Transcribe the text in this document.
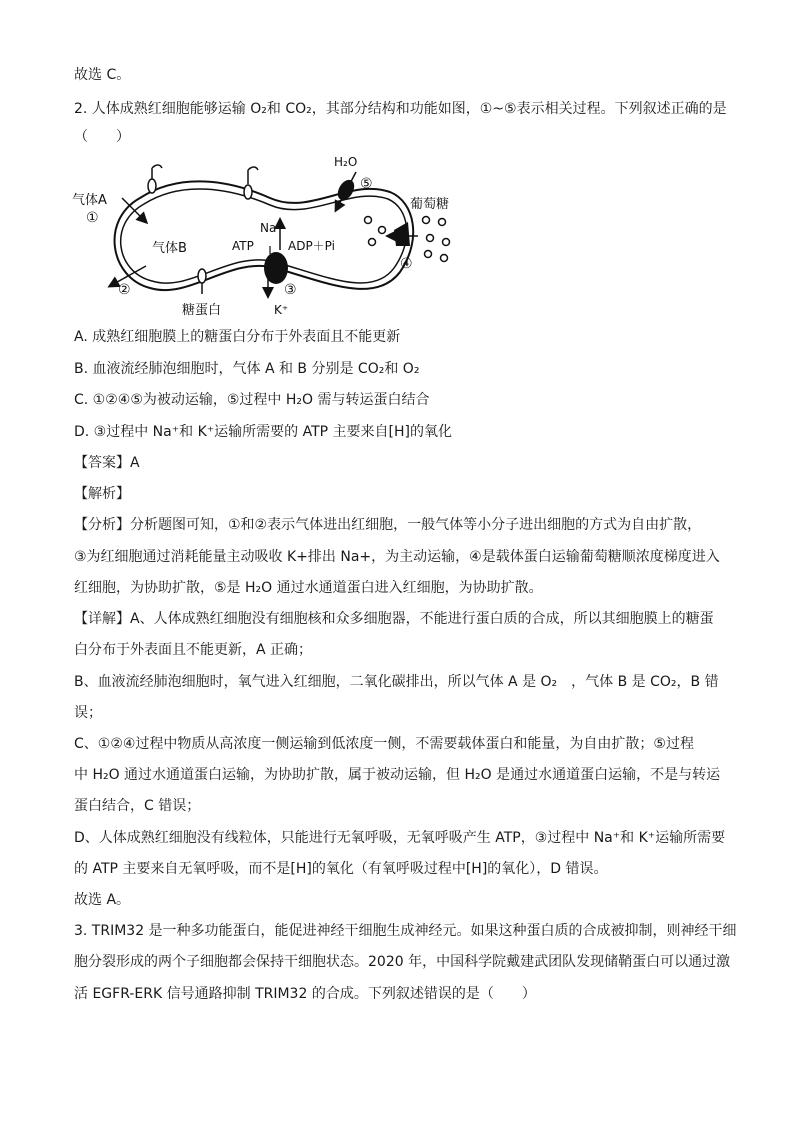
故选 C。
2. 人体成熟红细胞能够运输 O₂和 CO₂，其部分结构和功能如图，①~⑤表示相关过程。下列叙述正确的是
（　　）
H₂O
⑤
葡萄糖
④
Na⁺
ATP	ADP＋Pi
③
K⁺
气体A
①
气体B
②
糖蛋白
A. 成熟红细胞膜上的糖蛋白分布于外表面且不能更新
B. 血液流经肺泡细胞时，气体 A 和 B 分别是 CO₂和 O₂
C. ①②④⑤为被动运输，⑤过程中 H₂O 需与转运蛋白结合
D. ③过程中 Na⁺和 K⁺运输所需要的 ATP 主要来自[H]的氧化
【答案】A
【解析】
【分析】分析题图可知，①和②表示气体进出红细胞，一般气体等小分子进出细胞的方式为自由扩散，
③为红细胞通过消耗能量主动吸收 K+排出 Na+，为主动运输，④是载体蛋白运输葡萄糖顺浓度梯度进入
红细胞，为协助扩散，⑤是 H₂O 通过水通道蛋白进入红细胞，为协助扩散。
【详解】A、人体成熟红细胞没有细胞核和众多细胞器，不能进行蛋白质的合成，所以其细胞膜上的糖蛋
白分布于外表面且不能更新，A 正确；
B、血液流经肺泡细胞时，氧气进入红细胞，二氧化碳排出，所以气体 A 是 O₂　，气体 B 是 CO₂，B 错
误；
C、①②④过程中物质从高浓度一侧运输到低浓度一侧，不需要载体蛋白和能量，为自由扩散；⑤过程
中 H₂O 通过水通道蛋白运输，为协助扩散，属于被动运输，但 H₂O 是通过水通道蛋白运输，不是与转运
蛋白结合，C 错误；
D、人体成熟红细胞没有线粒体，只能进行无氧呼吸，无氧呼吸产生 ATP，③过程中 Na⁺和 K⁺运输所需要
的 ATP 主要来自无氧呼吸，而不是[H]的氧化（有氧呼吸过程中[H]的氧化），D 错误。
故选 A。
3. TRIM32 是一种多功能蛋白，能促进神经干细胞生成神经元。如果这种蛋白质的合成被抑制，则神经干细
胞分裂形成的两个子细胞都会保持干细胞状态。2020 年，中国科学院戴建武团队发现储鞘蛋白可以通过激
活 EGFR-ERK 信号通路抑制 TRIM32 的合成。下列叙述错误的是（　　）
